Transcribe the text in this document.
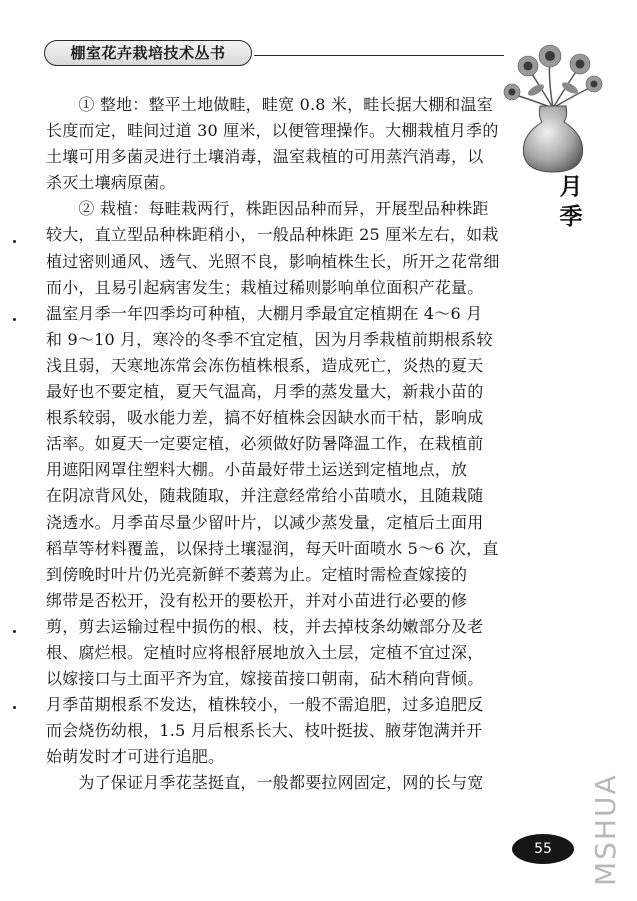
棚室花卉栽培技术丛书
月
季
　　① 整地：整平土地做畦，畦宽 0.8 米，畦长据大棚和温室
长度而定，畦间过道 30 厘米，以便管理操作。大棚栽植月季的
土壤可用多菌灵进行土壤消毒，温室栽植的可用蒸汽消毒，以
杀灭土壤病原菌。
　　② 栽植：每畦栽两行，株距因品种而异，开展型品种株距
较大，直立型品种株距稍小，一般品种株距 25 厘米左右，如栽
植过密则通风、透气、光照不良，影响植株生长，所开之花常细
而小，且易引起病害发生；栽植过稀则影响单位面积产花量。
温室月季一年四季均可种植，大棚月季最宜定植期在 4～6 月
和 9～10 月，寒冷的冬季不宜定植，因为月季栽植前期根系较
浅且弱，天寒地冻常会冻伤植株根系，造成死亡，炎热的夏天
最好也不要定植，夏天气温高，月季的蒸发量大，新栽小苗的
根系较弱，吸水能力差，搞不好植株会因缺水而干枯，影响成
活率。如夏天一定要定植，必须做好防暑降温工作，在栽植前
用遮阳网罩住塑料大棚。小苗最好带土运送到定植地点，放
在阴凉背风处，随栽随取，并注意经常给小苗喷水，且随栽随
浇透水。月季苗尽量少留叶片，以减少蒸发量，定植后土面用
稻草等材料覆盖，以保持土壤湿润，每天叶面喷水 5～6 次，直
到傍晚时叶片仍光亮新鲜不萎蔫为止。定植时需检查嫁接的
绑带是否松开，没有松开的要松开，并对小苗进行必要的修
剪，剪去运输过程中损伤的根、枝，并去掉枝条幼嫩部分及老
根、腐烂根。定植时应将根舒展地放入土层，定植不宜过深，
以嫁接口与土面平齐为宜，嫁接苗接口朝南，砧木稍向背倾。
月季苗期根系不发达，植株较小，一般不需追肥，过多追肥反
而会烧伤幼根，1.5 月后根系长大、枝叶挺拔、腋芽饱满并开
始萌发时才可进行追肥。
　　为了保证月季花茎挺直，一般都要拉网固定，网的长与宽
55	MSHUA
